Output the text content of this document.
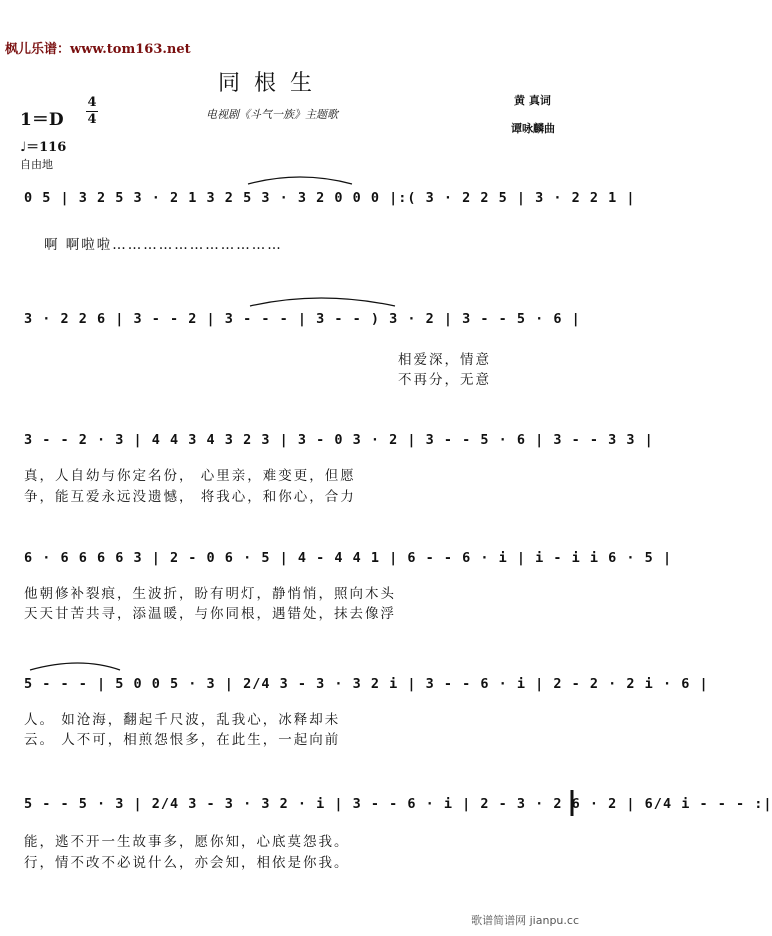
枫儿乐谱：www.tom163.net
同根生
电视剧《斗气一族》主题歌
黄 真词
谭咏麟曲
1＝D
4
4
♩＝116
自由地
0 5 | 3 2 5 3 · 2 1 3 2 5 3 · 3 2 0 0 0 |:( 3 · 2 2 5 | 3 · 2 2 1 |
啊 啊啦啦……………………………
3 · 2 2 6 | 3 - - 2 | 3 - - - | 3 - - ) 3 · 2 | 3 - - 5 · 6 |
相爱深，情意
不再分，无意
3 - - 2 · 3 | 4 4 3 4 3 2 3 | 3 - 0 3 · 2 | 3 - - 5 · 6 | 3 - - 3 3 |
真，人自幼与你定名份， 心里亲，难变更，但愿
争，能互爱永远没遗憾， 将我心，和你心，合力
6 · 6 6 6 6 3 | 2 - 0 6 · 5 | 4 - 4 4 1 | 6 - - 6 · i | i - i i 6 · 5 |
他朝修补裂痕，生波折，盼有明灯，静悄悄，照向木头
天天甘苦共寻，添温暖，与你同根，遇错处，抹去像浮
5 - - - | 5 0 0 5 · 3 | 2/4 3 - 3 · 3 2 i | 3 - - 6 · i | 2 - 2 · 2 i · 6 |
人。 如沧海，翻起千尺波，乱我心，冰释却未
云。 人不可，相煎怨恨多，在此生，一起向前
5 - - 5 · 3 | 2/4 3 - 3 · 3 2 · i | 3 - - 6 · i | 2 - 3 · 2 6 · 2 | 6/4 i - - - :|
能，逃不开一生故事多，愿你知，心底莫怨我。
行，情不改不必说什么，亦会知，相依是你我。
歌谱简谱网 jianpu.cc
